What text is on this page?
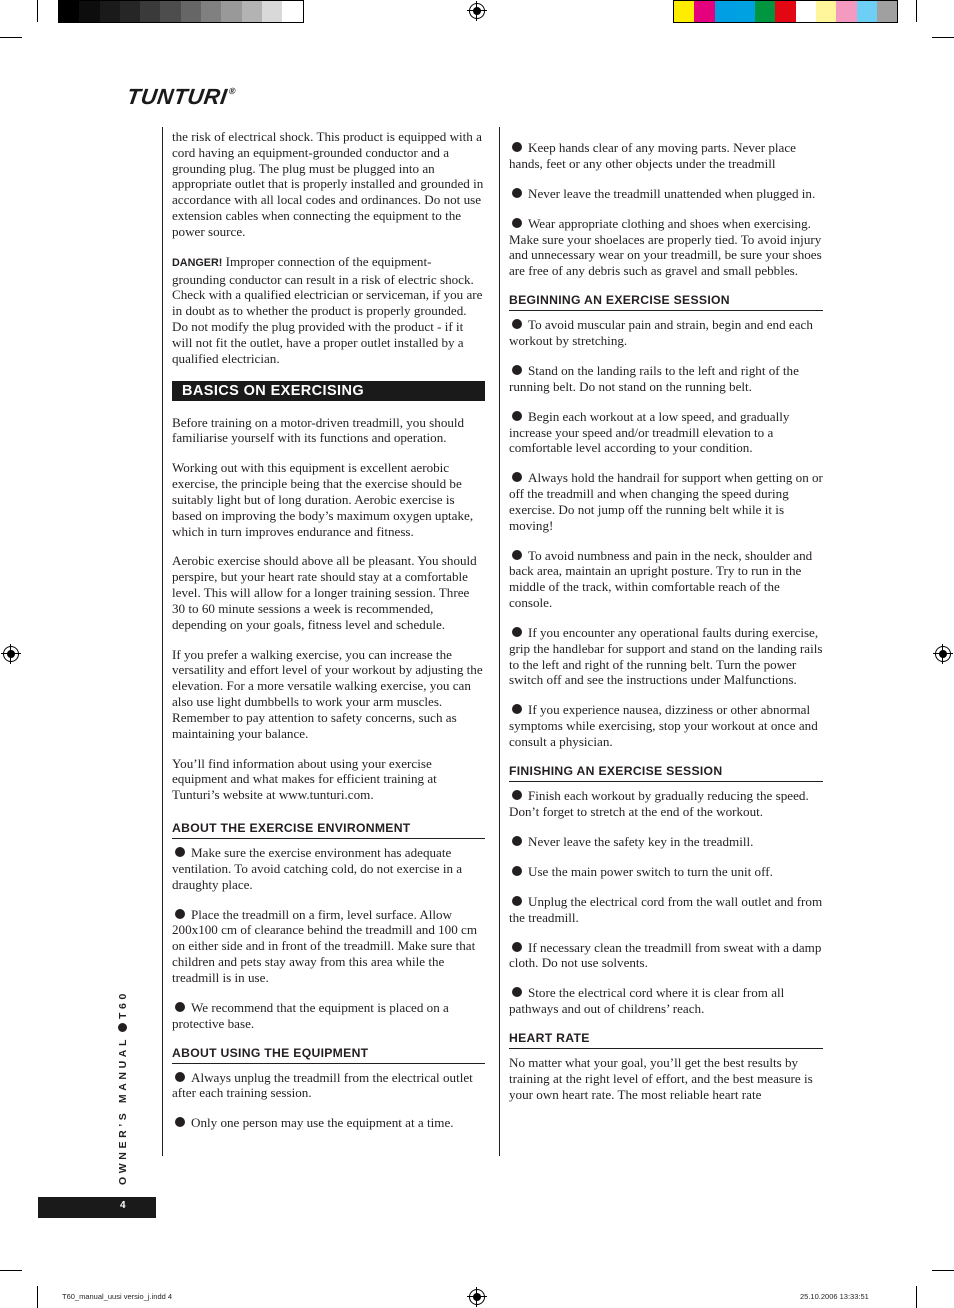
TUNTURI®
OWNER’S MANUALT60
4

the risk of electrical shock. This product is equipped with a cord having an equipment-grounded conductor and a grounding plug. The plug must be plugged into an appropriate outlet that is properly installed and grounded in accordance with all local codes and ordinances. Do not use extension cables when connecting the equipment to the power source.

DANGER! Improper connection of the equipment-grounding conductor can result in a risk of electric shock. Check with a qualified electrician or serviceman, if you are in doubt as to whether the product is properly grounded. Do not modify the plug provided with the product - if it will not fit the outlet, have a proper outlet installed by a qualified electrician.

BASICS ON EXERCISING

Before training on a motor-driven treadmill, you should familiarise yourself with its functions and operation.

Working out with this equipment is excellent aerobic exercise, the principle being that the exercise should be suitably light but of long duration. Aerobic exercise is based on improving the body’s maximum oxygen uptake, which in turn improves endurance and fitness.

Aerobic exercise should above all be pleasant. You should perspire, but your heart rate should stay at a comfortable level. This will allow for a longer training session. Three 30 to 60 minute sessions a week is recommended, depending on your goals, fitness level and schedule.

If you prefer a walking exercise, you can increase the versatility and effort level of your workout by adjusting the elevation. For a more versatile walking exercise, you can also use light dumbbells to work your arm muscles. Remember to pay attention to safety concerns, such as maintaining your balance.

You’ll find information about using your exercise equipment and what makes for efficient training at Tunturi’s website at www.tunturi.com.

ABOUT THE EXERCISE ENVIRONMENT

Make sure the exercise environment has adequate ventilation. To avoid catching cold, do not exercise in a draughty place.

Place the treadmill on a firm, level surface. Allow 200x100 cm of clearance behind the treadmill and 100 cm on either side and in front of the treadmill. Make sure that children and pets stay away from this area while the treadmill is in use.

We recommend that the equipment is placed on a protective base.

ABOUT USING THE EQUIPMENT

Always unplug the treadmill from the electrical outlet after each training session.

Only one person may use the equipment at a time.

Keep hands clear of any moving parts. Never place hands, feet or any other objects under the treadmill

Never leave the treadmill unattended when plugged in.

Wear appropriate clothing and shoes when exercising. Make sure your shoelaces are properly tied. To avoid injury and unnecessary wear on your treadmill, be sure your shoes are free of any debris such as gravel and small pebbles.

BEGINNING AN EXERCISE SESSION

To avoid muscular pain and strain, begin and end each workout by stretching.

Stand on the landing rails to the left and right of the running belt. Do not stand on the running belt.

Begin each workout at a low speed, and gradually increase your speed and/or treadmill elevation to a comfortable level according to your condition.

Always hold the handrail for support when getting on or off the treadmill and when changing the speed during exercise. Do not jump off the running belt while it is moving!

To avoid numbness and pain in the neck, shoulder and back area, maintain an upright posture. Try to run in the middle of the track, within comfortable reach of the console.

If you encounter any operational faults during exercise, grip the handlebar for support and stand on the landing rails to the left and right of the running belt. Turn the power switch off and see the instructions under Malfunctions.

If you experience nausea, dizziness or other abnormal symptoms while exercising, stop your workout at once and consult a physician.

FINISHING AN EXERCISE SESSION

Finish each workout by gradually reducing the speed. Don’t forget to stretch at the end of the workout.

Never leave the safety key in the treadmill.

Use the main power switch to turn the unit off.

Unplug the electrical cord from the wall outlet and from the treadmill.

If necessary clean the treadmill from sweat with a damp cloth. Do not use solvents.

Store the electrical cord where it is clear from all pathways and out of childrens’ reach.

HEART RATE

No matter what your goal, you’ll get the best results by training at the right level of effort, and the best measure is your own heart rate. The most reliable heart rate

T60_manual_uusi versio_j.indd 4	25.10.2006 13:33:51
